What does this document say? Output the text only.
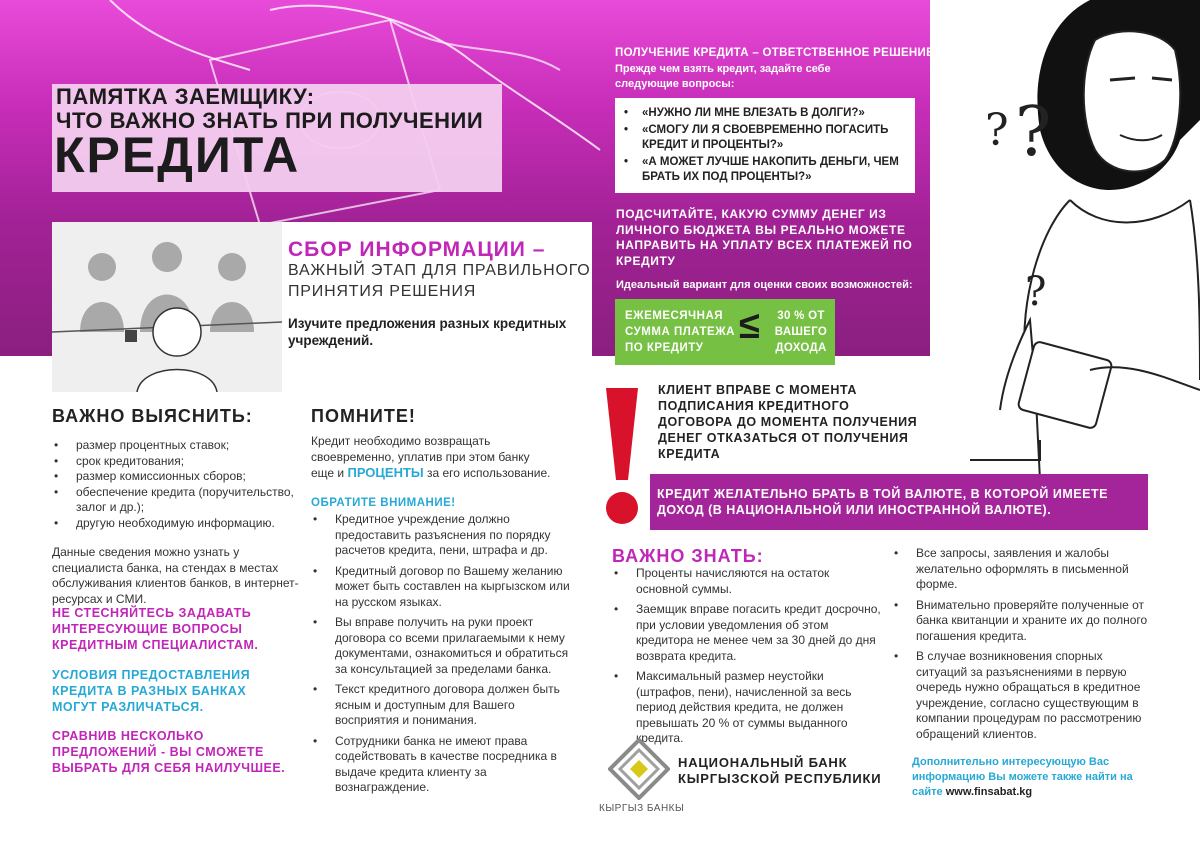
? ?
?
ПАМЯТКА ЗАЕМЩИКУ:
ЧТО ВАЖНО ЗНАТЬ ПРИ ПОЛУЧЕНИИ
КРЕДИТА
СБОР ИНФОРМАЦИИ –
ВАЖНЫЙ ЭТАП ДЛЯ ПРАВИЛЬНОГО
ПРИНЯТИЯ РЕШЕНИЯ
Изучите предложения разных кредитных учреждений.
ВАЖНО ВЫЯСНИТЬ:
• размер процентных ставок;
• срок кредитования;
• размер комиссионных сборов;
• обеспечение кредита (поручительство, залог и др.);
• другую необходимую информацию.
Данные сведения можно узнать у специалиста банка, на стендах в местах обслуживания клиентов банков, в интернет-ресурсах и СМИ.
НЕ СТЕСНЯЙТЕСЬ ЗАДАВАТЬ ИНТЕРЕСУЮЩИЕ ВОПРОСЫ КРЕДИТНЫМ СПЕЦИАЛИСТАМ.
УСЛОВИЯ ПРЕДОСТАВЛЕНИЯ КРЕДИТА В РАЗНЫХ БАНКАХ МОГУТ РАЗЛИЧАТЬСЯ.
СРАВНИВ НЕСКОЛЬКО ПРЕДЛОЖЕНИЙ - ВЫ СМОЖЕТЕ ВЫБРАТЬ ДЛЯ СЕБЯ НАИЛУЧШЕЕ.
ПОМНИТЕ!
Кредит необходимо возвращать своевременно, уплатив при этом банку еще и ПРОЦЕНТЫ за его использование.
ОБРАТИТЕ ВНИМАНИЕ!
• Кредитное учреждение должно предоставить разъяснения по порядку расчетов кредита, пени, штрафа и др.
• Кредитный договор по Вашему желанию может быть составлен на кыргызском или на русском языках.
• Вы вправе получить на руки проект договора со всеми прилагаемыми к нему документами, ознакомиться и обратиться за консультацией за пределами банка.
• Текст кредитного договора должен быть ясным и доступным для Вашего восприятия и понимания.
• Сотрудники банка не имеют права содействовать в качестве посредника в выдаче кредита клиенту за вознаграждение.
ПОЛУЧЕНИЕ КРЕДИТА – ОТВЕТСТВЕННОЕ РЕШЕНИЕ
Прежде чем взять кредит, задайте себе следующие вопросы:
• «НУЖНО ЛИ МНЕ ВЛЕЗАТЬ В ДОЛГИ?»
• «СМОГУ ЛИ Я СВОЕВРЕМЕННО ПОГАСИТЬ КРЕДИТ И ПРОЦЕНТЫ?»
• «А МОЖЕТ ЛУЧШЕ НАКОПИТЬ ДЕНЬГИ, ЧЕМ БРАТЬ ИХ ПОД ПРОЦЕНТЫ?»
ПОДСЧИТАЙТЕ, КАКУЮ СУММУ ДЕНЕГ ИЗ ЛИЧНОГО БЮДЖЕТА ВЫ РЕАЛЬНО МОЖЕТЕ НАПРАВИТЬ НА УПЛАТУ ВСЕХ ПЛАТЕЖЕЙ ПО КРЕДИТУ
Идеальный вариант для оценки своих возможностей:
ЕЖЕМЕСЯЧНАЯ
СУММА ПЛАТЕЖА
ПО КРЕДИТУ
≤	30 % ОТ
ВАШЕГО
ДОХОДА
КЛИЕНТ ВПРАВЕ С МОМЕНТА ПОДПИСАНИЯ КРЕДИТНОГО ДОГОВОРА ДО МОМЕНТА ПОЛУЧЕНИЯ ДЕНЕГ ОТКАЗАТЬСЯ ОТ ПОЛУЧЕНИЯ КРЕДИТА
КРЕДИТ ЖЕЛАТЕЛЬНО БРАТЬ В ТОЙ ВАЛЮТЕ, В КОТОРОЙ ИМЕЕТЕ ДОХОД (В НАЦИОНАЛЬНОЙ ИЛИ ИНОСТРАННОЙ ВАЛЮТЕ).
ВАЖНО ЗНАТЬ:
• Проценты начисляются на остаток основной суммы.
• Заемщик вправе погасить кредит досрочно, при условии уведомления об этом кредитора не менее чем за 30 дней до дня возврата кредита.
• Максимальный размер неустойки (штрафов, пени), начисленной за весь период действия кредита, не должен превышать 20 % от суммы выданного кредита.
• Все запросы, заявления и жалобы желательно оформлять в письменной форме.
• Внимательно проверяйте полученные от банка квитанции и храните их до полного погашения кредита.
• В случае возникновения спорных ситуаций за разъяснениями в первую очередь нужно обращаться в кредитное учреждение, согласно существующим в компании процедурам по рассмотрению обращений клиентов.
КЫРГЫЗ БАНКЫ
НАЦИОНАЛЬНЫЙ БАНК
КЫРГЫЗСКОЙ РЕСПУБЛИКИ
Дополнительно интересующую Вас информацию Вы можете также найти на сайте www.finsabat.kg
